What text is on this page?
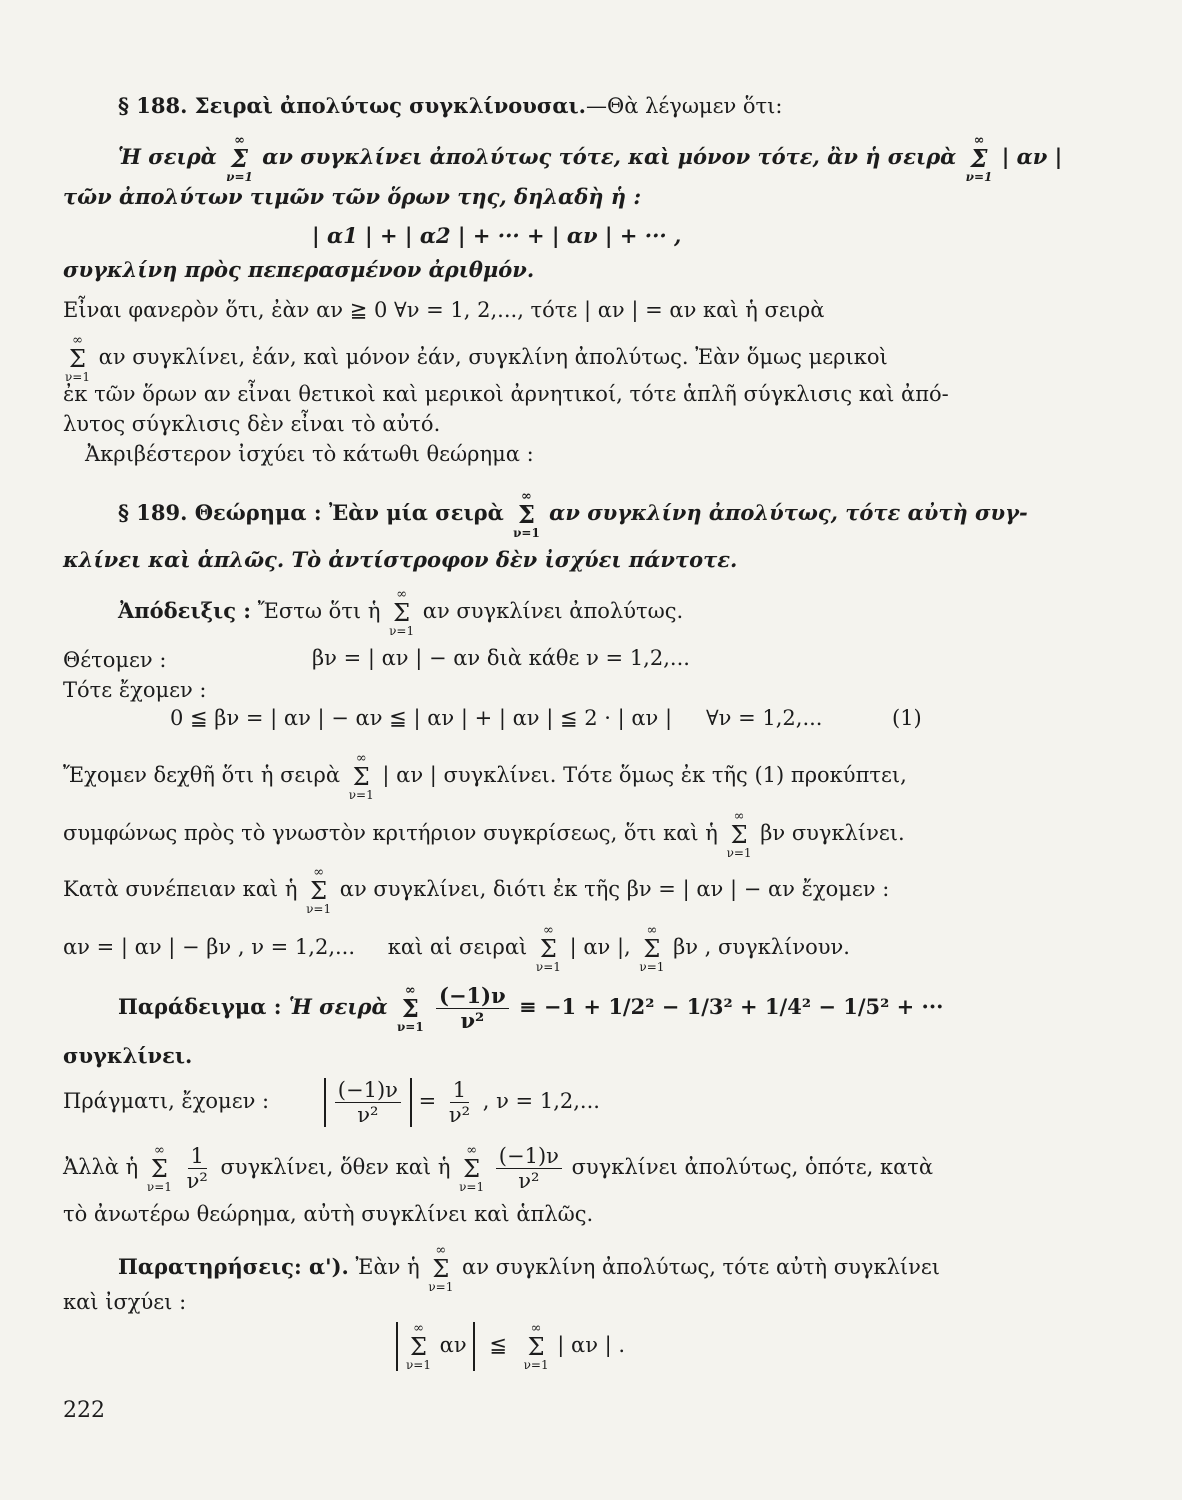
§ 188. Σειραὶ ἀπολύτως συγκλίνουσαι.—Θὰ λέγωμεν ὅτι:
Ἡ σειρὰ
∞
Σ
ν=1
αν συγκλίνει ἀπολύτως τότε, καὶ μόνον τότε, ἂν ἡ σειρὰ
∞
Σ
ν=1
| αν |
τῶν ἀπολύτων τιμῶν τῶν ὅρων της, δηλαδὴ ἡ :
| α1 | + | α2 | + ··· + | αν | + ··· ,
συγκλίνη πρὸς πεπερασμένον ἀριθμόν.
Εἶναι φανερὸν ὅτι, ἐὰν αν ≧ 0 ∀ν = 1, 2,..., τότε | αν | = αν καὶ ἡ σειρὰ
∞
Σ
ν=1
αν συγκλίνει, ἐάν, καὶ μόνον ἐάν, συγκλίνη ἀπολύτως. Ἐὰν ὅμως μερικοὶ
ἐκ τῶν ὅρων αν εἶναι θετικοὶ καὶ μερικοὶ ἀρνητικοί, τότε ἁπλῆ σύγκλισις καὶ ἀπό-
λυτος σύγκλισις δὲν εἶναι τὸ αὐτό.
Ἀκριβέστερον ἰσχύει τὸ κάτωθι θεώρημα :
§ 189. Θεώρημα : Ἐὰν μία σειρὰ
∞
Σ
ν=1
αν συγκλίνη ἀπολύτως, τότε αὐτὴ συγ-
κλίνει καὶ ἁπλῶς. Τὸ ἀντίστροφον δὲν ἰσχύει πάντοτε.
Ἀπόδειξις : Ἔστω ὅτι ἡ
∞
Σ
ν=1
αν συγκλίνει ἀπολύτως.
Θέτομεν :	βν = | αν | − αν διὰ κάθε ν = 1,2,...
Τότε ἔχομεν :
0 ≦ βν = | αν | − αν ≦ | αν | + | αν | ≦ 2 · | αν | ∀ν = 1,2,...	(1)
Ἔχομεν δεχθῆ ὅτι ἡ σειρὰ
∞
Σ
ν=1
| αν | συγκλίνει. Τότε ὅμως ἐκ τῆς (1) προκύπτει,
συμφώνως πρὸς τὸ γνωστὸν κριτήριον συγκρίσεως, ὅτι καὶ ἡ
∞
Σ
ν=1
βν συγκλίνει.
Κατὰ συνέπειαν καὶ ἡ
∞
Σ
ν=1
αν συγκλίνει, διότι ἐκ τῆς βν = | αν | − αν ἔχομεν :
αν = | αν | − βν , ν = 1,2,... καὶ αἱ σειραὶ
∞
Σ
ν=1
| αν |,
∞
Σ
ν=1
βν , συγκλίνουν.
Παράδειγμα : Ἡ σειρὰ
∞
Σ
ν=1
$\frac{(-1)\nu}{\text{ν²}} \equiv -1 + 1/2^2 - 1/3^2 + 1/4^2 - 1/5^2$ + ···
συγκλίνει.
Πράγματι, ἔχομεν :	$\frac{(-1)\nu}{\text{ν²}} = \frac{1}{\text{ν²}}$ , ν = 1,2,...
Ἀλλὰ ἡ
∞
Σ
ν=1
$\frac{1}{\text{ν²}} \sigma\upsilon\gamma\kappa\lambda ί\nu\varepsilon\iota$, ὅθεν καὶ ἡ
∞
Σ
ν=1
$\frac{(-1)\nu}{\text{ν²}}$ συγκλίνει ἀπολύτως, ὁπότε, κατὰ
τὸ ἀνωτέρω θεώρημα, αὐτὴ συγκλίνει καὶ ἁπλῶς.
Παρατηρήσεις: α'). Ἐὰν ἡ
∞
Σ
ν=1
αν συγκλίνη ἀπολύτως, τότε αὐτὴ συγκλίνει
καὶ ἰσχύει :
∞
Σ
ν=1
αν ≦
∞
Σ
ν=1
| αν | .
222
